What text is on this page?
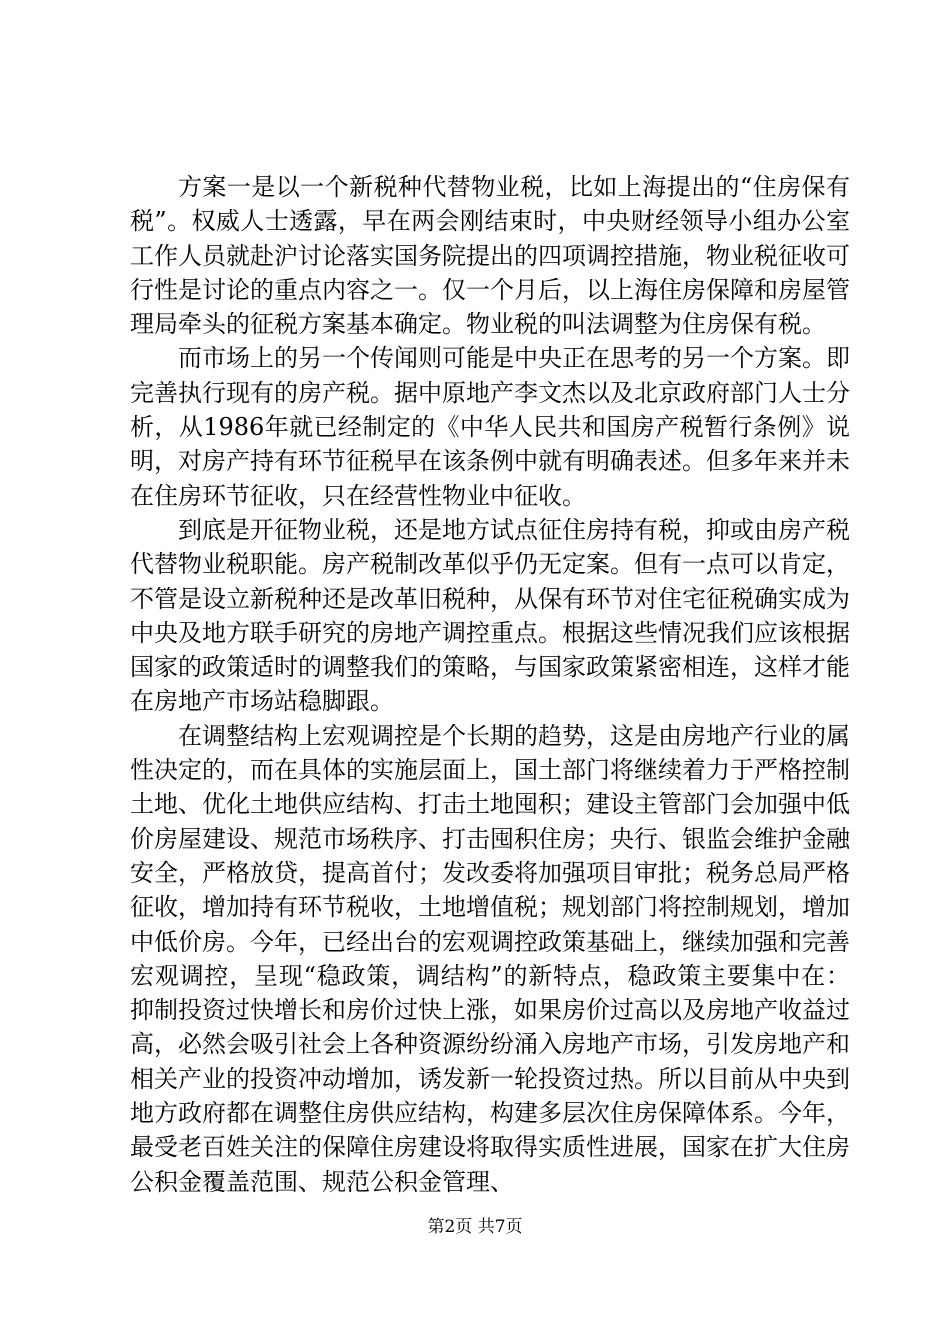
方案一是以一个新税种代替物业税，比如上海提出的“住房保有税”。权威人士透露，早在两会刚结束时，中央财经领导小组办公室工作人员就赴沪讨论落实国务院提出的四项调控措施，物业税征收可行性是讨论的重点内容之一。仅一个月后，以上海住房保障和房屋管理局牵头的征税方案基本确定。物业税的叫法调整为住房保有税。

而市场上的另一个传闻则可能是中央正在思考的另一个方案。即完善执行现有的房产税。据中原地产李文杰以及北京政府部门人士分析，从1986年就已经制定的《中华人民共和国房产税暂行条例》说明，对房产持有环节征税早在该条例中就有明确表述。但多年来并未在住房环节征收，只在经营性物业中征收。

到底是开征物业税，还是地方试点征住房持有税，抑或由房产税代替物业税职能。房产税制改革似乎仍无定案。但有一点可以肯定，不管是设立新税种还是改革旧税种，从保有环节对住宅征税确实成为中央及地方联手研究的房地产调控重点。根据这些情况我们应该根据国家的政策适时的调整我们的策略，与国家政策紧密相连，这样才能在房地产市场站稳脚跟。

在调整结构上宏观调控是个长期的趋势，这是由房地产行业的属性决定的，而在具体的实施层面上，国土部门将继续着力于严格控制土地、优化土地供应结构、打击土地囤积；建设主管部门会加强中低价房屋建设、规范市场秩序、打击囤积住房；央行、银监会维护金融安全，严格放贷，提高首付；发改委将加强项目审批；税务总局严格征收，增加持有环节税收，土地增值税；规划部门将控制规划，增加中低价房。今年，已经出台的宏观调控政策基础上，继续加强和完善宏观调控，呈现“稳政策，调结构”的新特点，稳政策主要集中在：抑制投资过快增长和房价过快上涨，如果房价过高以及房地产收益过高，必然会吸引社会上各种资源纷纷涌入房地产市场，引发房地产和相关产业的投资冲动增加，诱发新一轮投资过热。所以目前从中央到地方政府都在调整住房供应结构，构建多层次住房保障体系。今年，最受老百姓关注的保障住房建设将取得实质性进展，国家在扩大住房公积金覆盖范围、规范公积金管理、

第2页 共7页
